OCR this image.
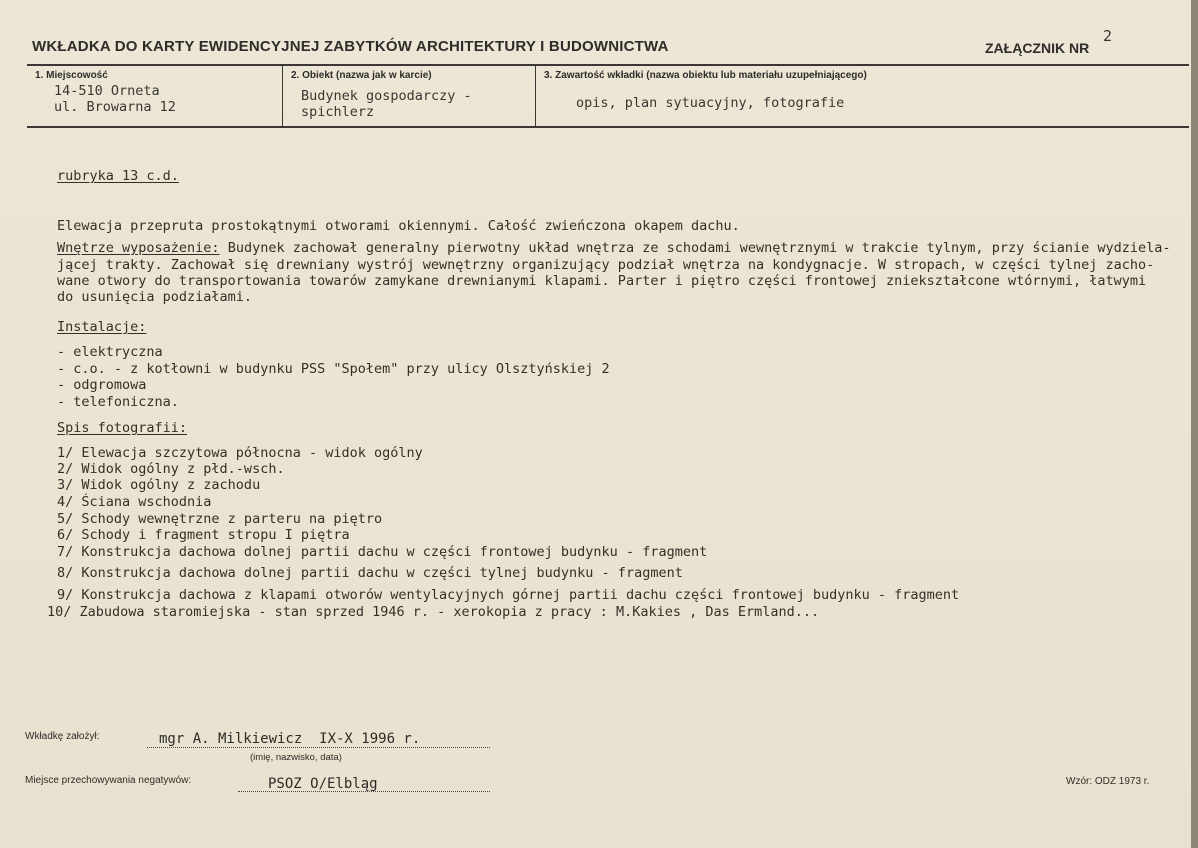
WKŁADKA DO KARTY EWIDENCYJNEJ ZABYTKÓW ARCHITEKTURY I BUDOWNICTWA	ZAŁĄCZNIK NR
2
1. Miejscowość
14-510 Orneta
ul. Browarna 12
2. Obiekt (nazwa jak w karcie)
Budynek gospodarczy -
spichlerz
3. Zawartość wkładki (nazwa obiektu lub materiału uzupełniającego)
opis, plan sytuacyjny, fotografie
rubryka 13 c.d.
Elewacja przepruta prostokątnymi otworami okiennymi. Całość zwieńczona okapem dachu.
Wnętrze wyposażenie: Budynek zachował generalny pierwotny układ wnętrza ze schodami wewnętrznymi w trakcie tylnym, przy ścianie wydziela-
jącej trakty. Zachował się drewniany wystrój wewnętrzny organizujący podział wnętrza na kondygnacje. W stropach, w części tylnej zacho-
wane otwory do transportowania towarów zamykane drewnianymi klapami. Parter i piętro części frontowej zniekształcone wtórnymi, łatwymi
do usunięcia podziałami.
Instalacje:
- elektryczna
- c.o. - z kotłowni w budynku PSS "Społem" przy ulicy Olsztyńskiej 2
- odgromowa
- telefoniczna.
Spis fotografii:
1/ Elewacja szczytowa północna - widok ogólny
2/ Widok ogólny z płd.-wsch.
3/ Widok ogólny z zachodu
4/ Ściana wschodnia
5/ Schody wewnętrzne z parteru na piętro
6/ Schody i fragment stropu I piętra
7/ Konstrukcja dachowa dolnej partii dachu w części frontowej budynku - fragment
8/ Konstrukcja dachowa dolnej partii dachu w części tylnej budynku - fragment
9/ Konstrukcja dachowa z klapami otworów wentylacyjnych górnej partii dachu części frontowej budynku - fragment
10/ Zabudowa staromiejska - stan sprzed 1946 r. - xerokopia z pracy : M.Kakies , Das Ermland...
Wkładkę założył:	mgr A. Milkiewicz  IX-X 1996 r.
(imię, nazwisko, data)
Miejsce przechowywania negatywów:	PSOZ O/Elbląg	Wzór: ODZ 1973 r.
